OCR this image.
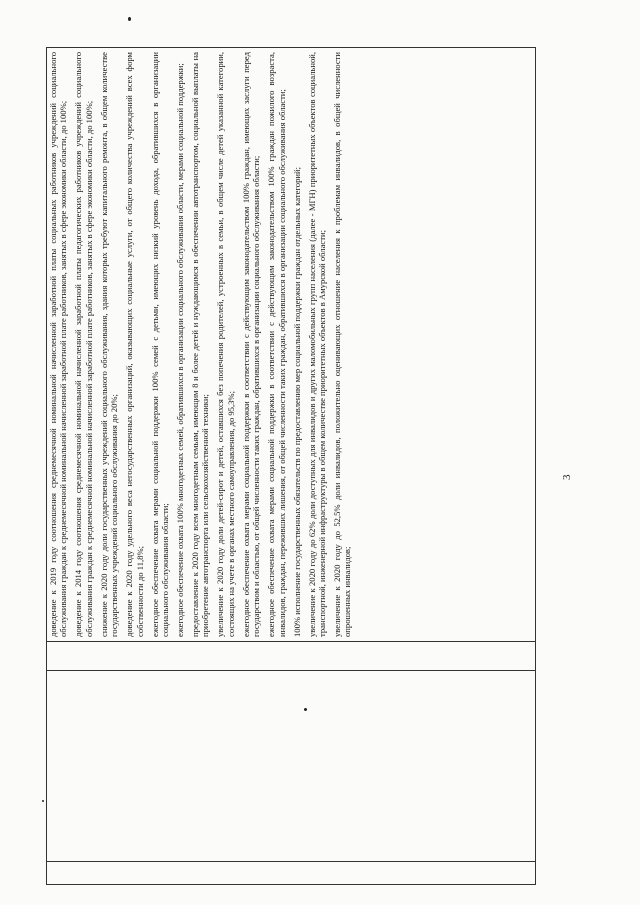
доведение к 2019 году соотношения среднемесячной номинальной начисленной заработной платы социальных работников учреждений социального обслуживания граждан к среднемесячной номинальной начисленной заработной плате работников, занятых в сфере экономики области, до 100%; доведение к 2014 году соотношения среднемесячной номинальной начисленной заработной платы педагогических работников учреждений социального обслуживания граждан к среднемесячной номинальной начисленной заработной плате работников, занятых в сфере экономики области, до 100%; снижение к 2020 году доли государственных учреждений социального обслуживания, здания которых требуют капитального ремонта, в общем количестве государственных учреждений социального обслуживания до 20%; доведение к 2020 году удельного веса негосударственных организаций, оказывающих социальные услуги, от общего количества учреждений всех форм собственности до 11,8%; ежегодное обеспечение охвата мерами социальной поддержки 100% семей с детьми, имеющих низкий уровень дохода, обратившихся в организации социального обслуживания области; ежегодное обеспечение охвата 100% многодетных семей, обратившихся в организации социального обслуживания области, мерами социальной поддержки; предоставление к 2020 году всем многодетным семьям, имеющим 8 и более детей и нуждающимся в обеспечении автотранспортом, социальной выплаты на приобретение автотранспорта или сельскохозяйственной техники; увеличение к 2020 году доли детей-сирот и детей, оставшихся без попечения родителей, устроенных в семьи, в общем числе детей указанной категории, состоящих на учете в органах местного самоуправления, до 95,3%; ежегодное обеспечение охвата мерами социальной поддержки в соответствии с действующим законодательством 100% граждан, имеющих заслуги перед государством и областью, от общей численности таких граждан, обратившихся в организации социального обслуживания области; ежегодное обеспечение охвата мерами социальной поддержки в соответствии с действующим законодательством 100% граждан пожилого возраста, инвалидов, граждан, переживших лишения, от общей численности таких граждан, обратившихся в организации социального обслуживания области; 100% исполнение государственных обязательств по предоставлению мер социальной поддержки граждан отдельных категорий; увеличение к 2020 году до 62% доли доступных для инвалидов и других маломобильных групп населения (далее - МГН) приоритетных объектов социальной, транспортной, инженерной инфраструктуры в общем количестве приоритетных объектов в Амурской области; увеличение к 2020 году до 52,5% доли инвалидов, положительно оценивающих отношение населения к проблемам инвалидов, в общей численности опрошенных инвалидов;

3
